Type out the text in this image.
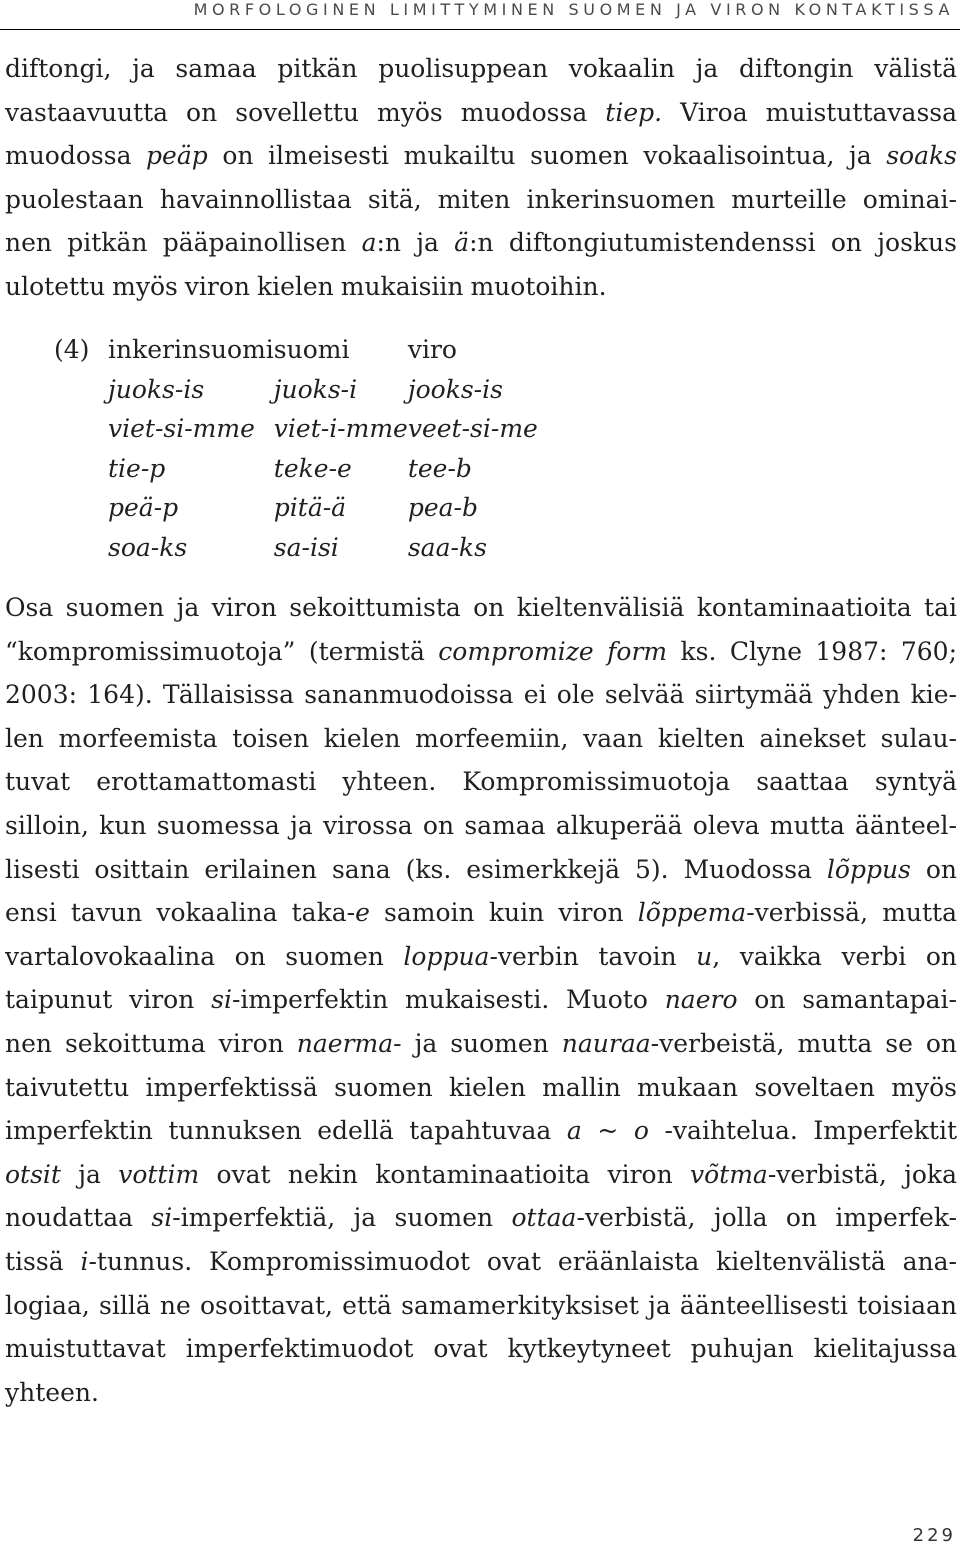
MORFOLOGINEN LIMITTYMINEN SUOMEN JA VIRON KONTAKTISSA
diftongi, ja samaa pitkän puolisuppean vokaalin ja diftongin välistä
vastaavuutta on sovellettu myös muodossa tiep. Viroa muistuttavassa
muodossa peäp on ilmeisesti mukailtu suomen vokaalisointua, ja soaks
puolestaan havainnollistaa sitä, miten inkerinsuomen murteille ominai-
nen pitkän pääpainollisen a:n ja ä:n diftongiutumistendenssi on joskus
ulotettu myös viron kielen mukaisiin muotoihin.
(4) inkerinsuomi	suomi	viro
juoks-is	juoks-i	jooks-is
viet-si-mme	viet-i-mme	veet-si-me
tie-p	teke-e	tee-b
peä-p	pitä-ä	pea-b
soa-ks	sa-isi	saa-ks
Osa suomen ja viron sekoittumista on kieltenvälisiä kontaminaatioita tai
“kompromissimuotoja” (termistä compromize form ks. Clyne 1987: 760;
2003: 164). Tällaisissa sananmuodoissa ei ole selvää siirtymää yhden kie-
len morfeemista toisen kielen morfeemiin, vaan kielten ainekset sulau-
tuvat erottamattomasti yhteen. Kompromissimuotoja saattaa syntyä
silloin, kun suomessa ja virossa on samaa alkuperää oleva mutta äänteel-
lisesti osittain erilainen sana (ks. esimerkkejä 5). Muodossa lõppus on
ensi tavun vokaalina taka-e samoin kuin viron lõppema-verbissä, mutta
vartalovokaalina on suomen loppua-verbin tavoin u, vaikka verbi on
taipunut viron si-imperfektin mukaisesti. Muoto naero on samantapai-
nen sekoittuma viron naerma- ja suomen nauraa-verbeistä, mutta se on
taivutettu imperfektissä suomen kielen mallin mukaan soveltaen myös
imperfektin tunnuksen edellä tapahtuvaa a ~ o -vaihtelua. Imperfektit
otsit ja vottim ovat nekin kontaminaatioita viron võtma-verbistä, joka
noudattaa si-imperfektiä, ja suomen ottaa-verbistä, jolla on imperfek-
tissä i-tunnus. Kompromissimuodot ovat eräänlaista kieltenvälistä ana-
logiaa, sillä ne osoittavat, että samamerkityksiset ja äänteellisesti toisiaan
muistuttavat imperfektimuodot ovat kytkeytyneet puhujan kielitajussa
yhteen.
229
